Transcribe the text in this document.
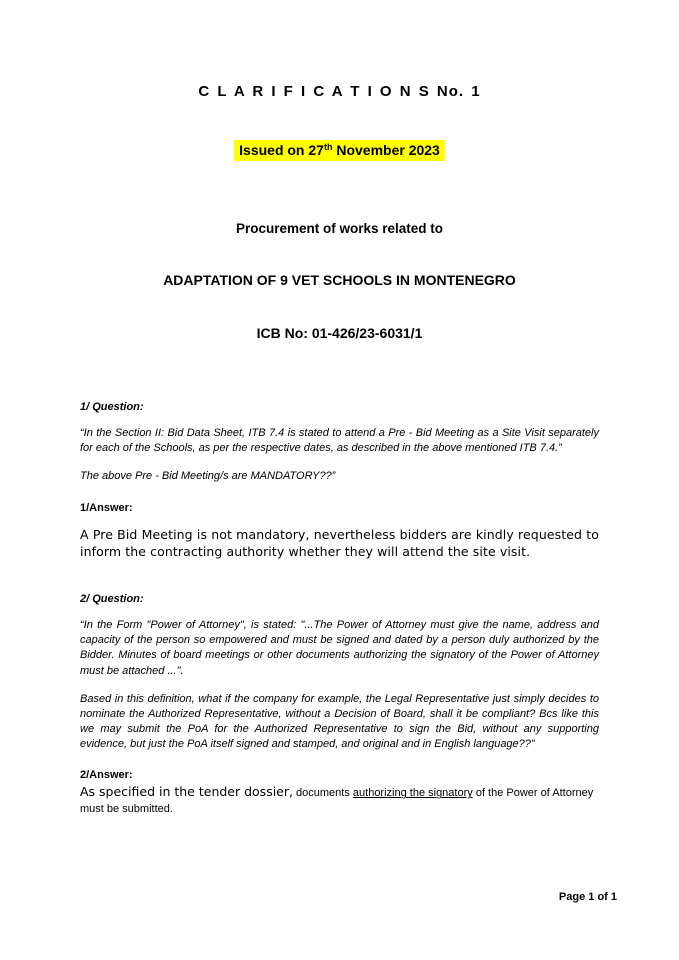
C L A R I F I C A T I O N S No. 1
Issued on 27th November 2023
Procurement of works related to
ADAPTATION OF 9 VET SCHOOLS IN MONTENEGRO
ICB No: 01-426/23-6031/1
1/ Question:
“In the Section II: Bid Data Sheet, ITB 7.4 is stated to attend a Pre - Bid Meeting as a Site Visit separately for each of the Schools, as per the respective dates, as described in the above mentioned ITB 7.4.”
The above Pre - Bid Meeting/s are MANDATORY??”
1/Answer:
A Pre Bid Meeting is not mandatory, nevertheless bidders are kindly requested to inform the contracting authority whether they will attend the site visit.
2/ Question:
“In the Form "Power of Attorney", is stated: "...The Power of Attorney must give the name, address and capacity of the person so empowered and must be signed and dated by a person duly authorized by the Bidder. Minutes of board meetings or other documents authorizing the signatory of the Power of Attorney must be attached ...".
Based in this definition, what if the company for example, the Legal Representative just simply decides to nominate the Authorized Representative, without a Decision of Board, shall it be compliant? Bcs like this we may submit the PoA for the Authorized Representative to sign the Bid, without any supporting evidence, but just the PoA itself signed and stamped, and original and in English language??”
2/Answer:
As specified in the tender dossier, documents authorizing the signatory of the Power of Attorney must be submitted.
Page 1 of 1
